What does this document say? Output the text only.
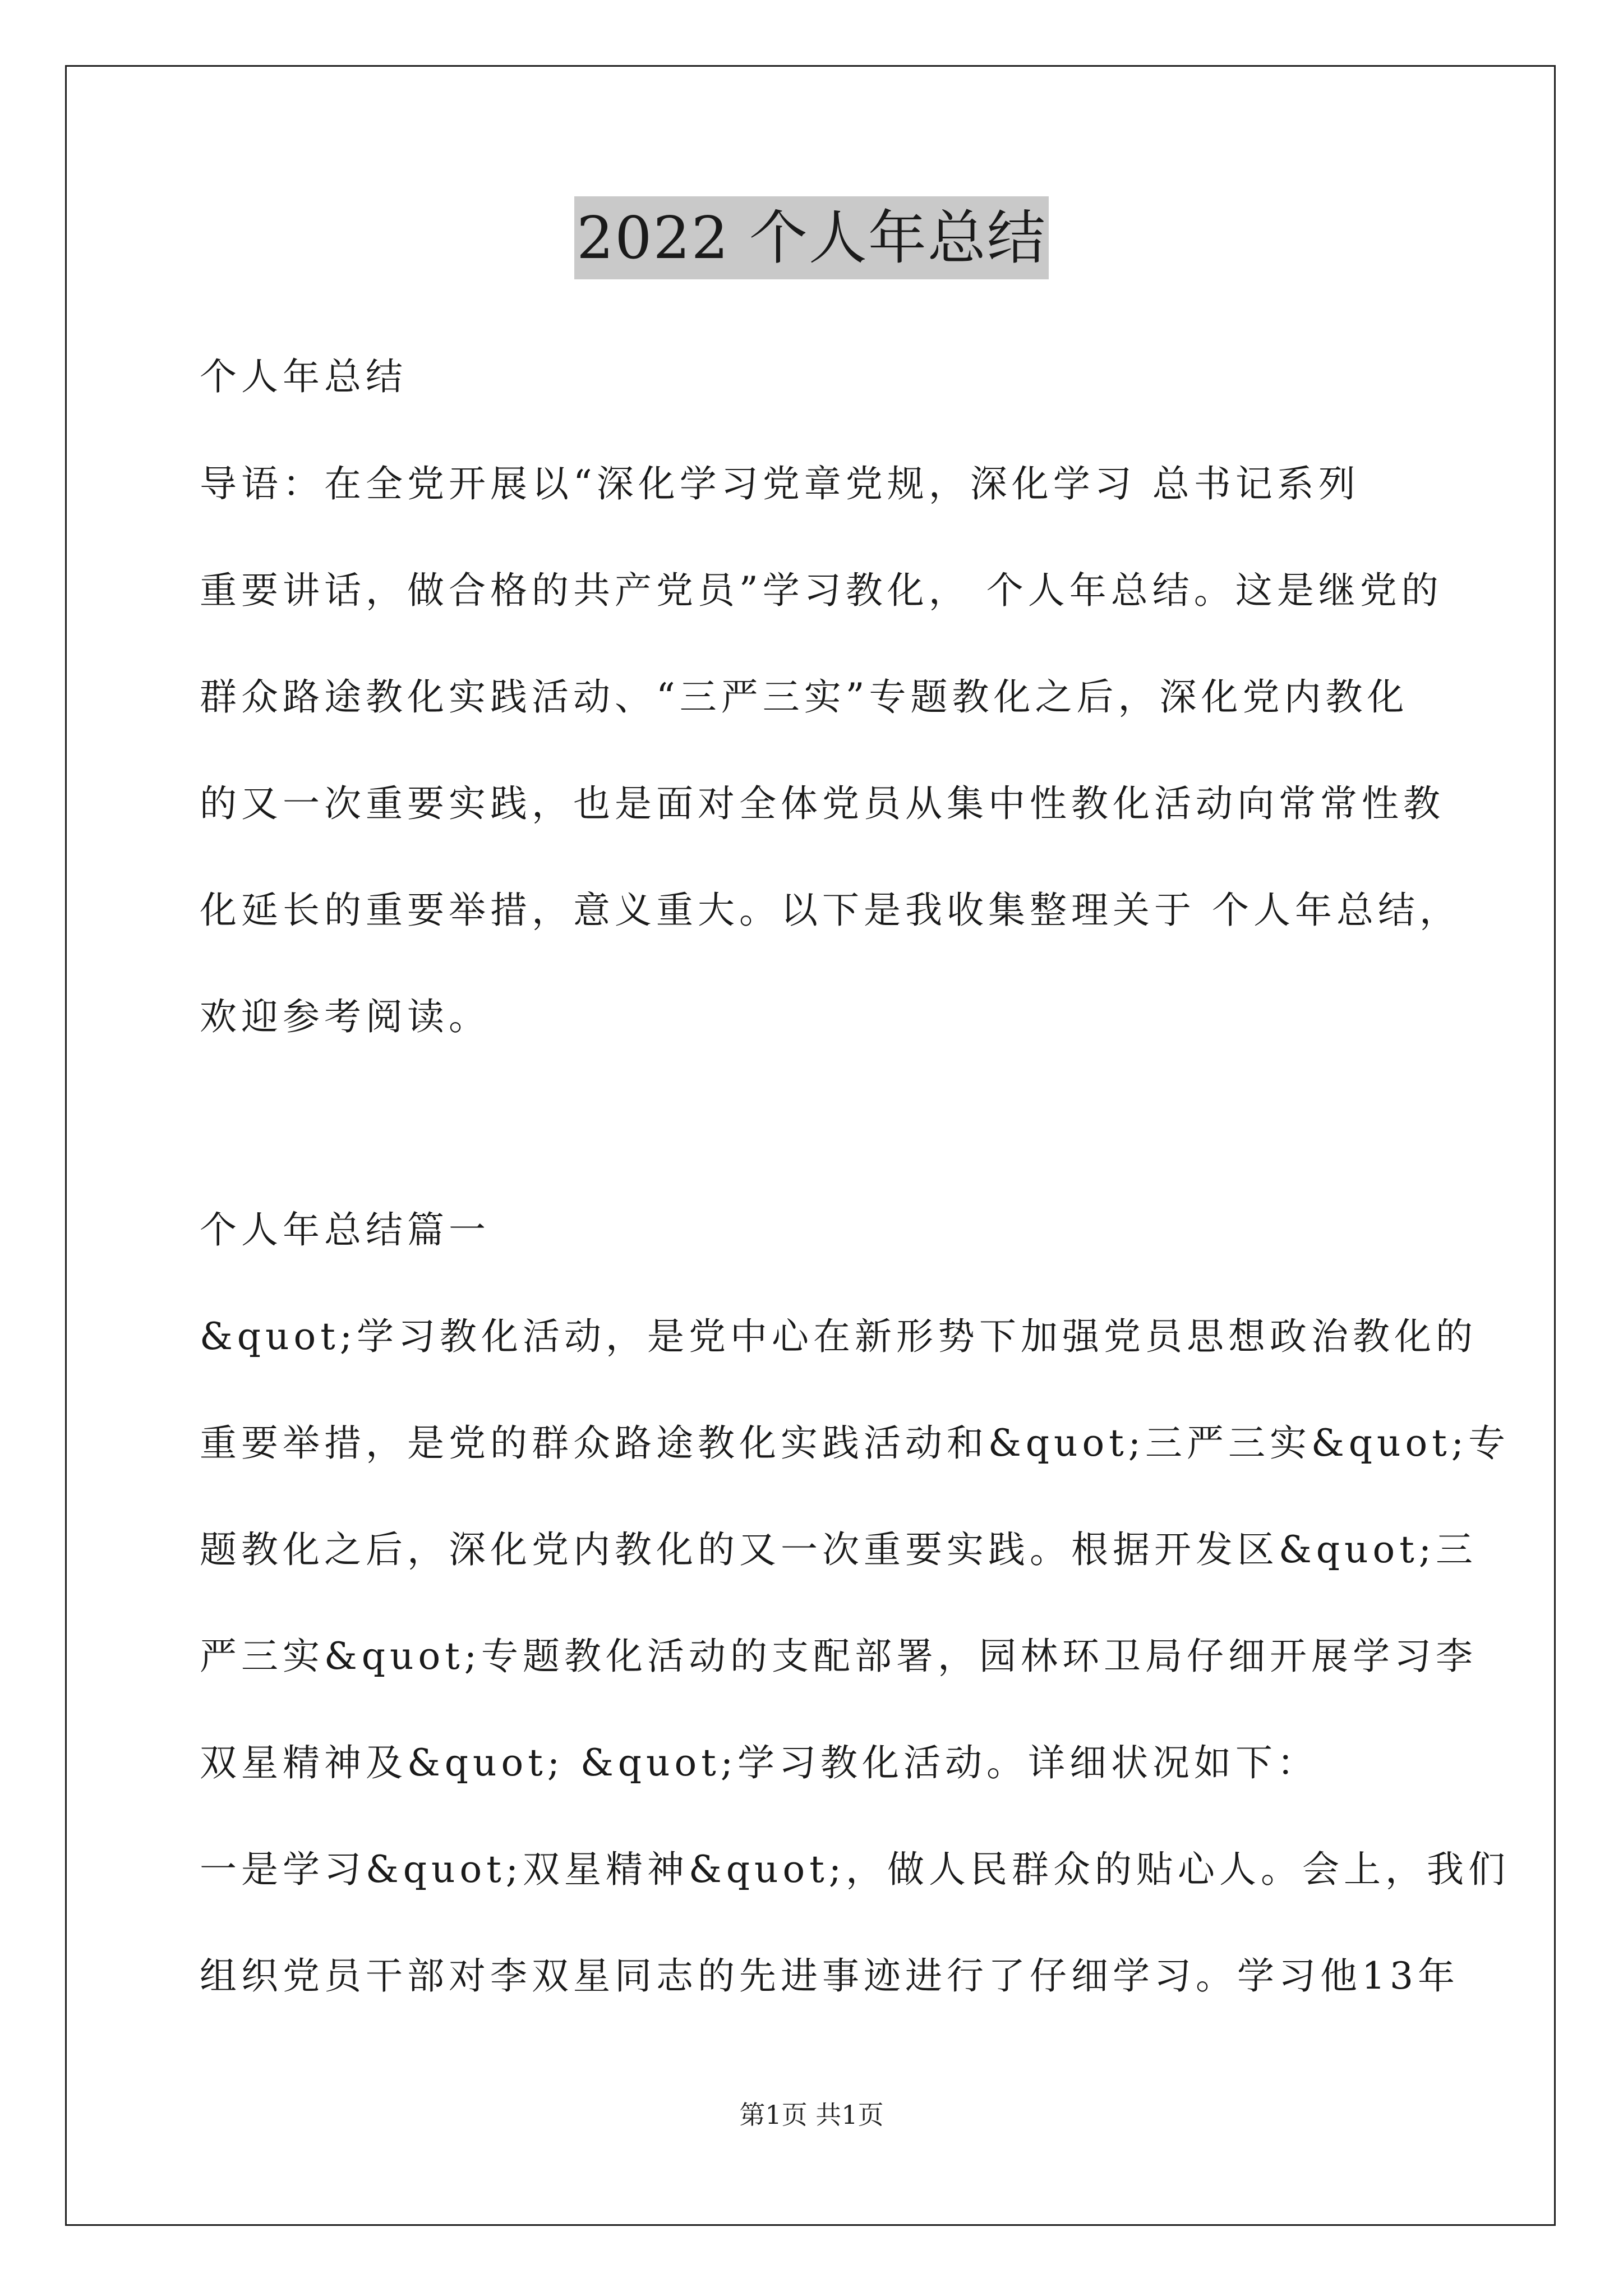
2022 个人年总结
个人年总结
导语：在全党开展以“深化学习党章党规，深化学习 总书记系列
重要讲话，做合格的共产党员”学习教化， 个人年总结。这是继党的
群众路途教化实践活动、“三严三实”专题教化之后，深化党内教化
的又一次重要实践，也是面对全体党员从集中性教化活动向常常性教
化延长的重要举措，意义重大。以下是我收集整理关于 个人年总结，
欢迎参考阅读。
个人年总结篇一
&quot;学习教化活动，是党中心在新形势下加强党员思想政治教化的
重要举措，是党的群众路途教化实践活动和&quot;三严三实&quot;专
题教化之后，深化党内教化的又一次重要实践。根据开发区&quot;三
严三实&quot;专题教化活动的支配部署，园林环卫局仔细开展学习李
双星精神及&quot; &quot;学习教化活动。详细状况如下：
一是学习&quot;双星精神&quot;，做人民群众的贴心人。会上，我们
组织党员干部对李双星同志的先进事迹进行了仔细学习。学习他13年
第1页 共1页
